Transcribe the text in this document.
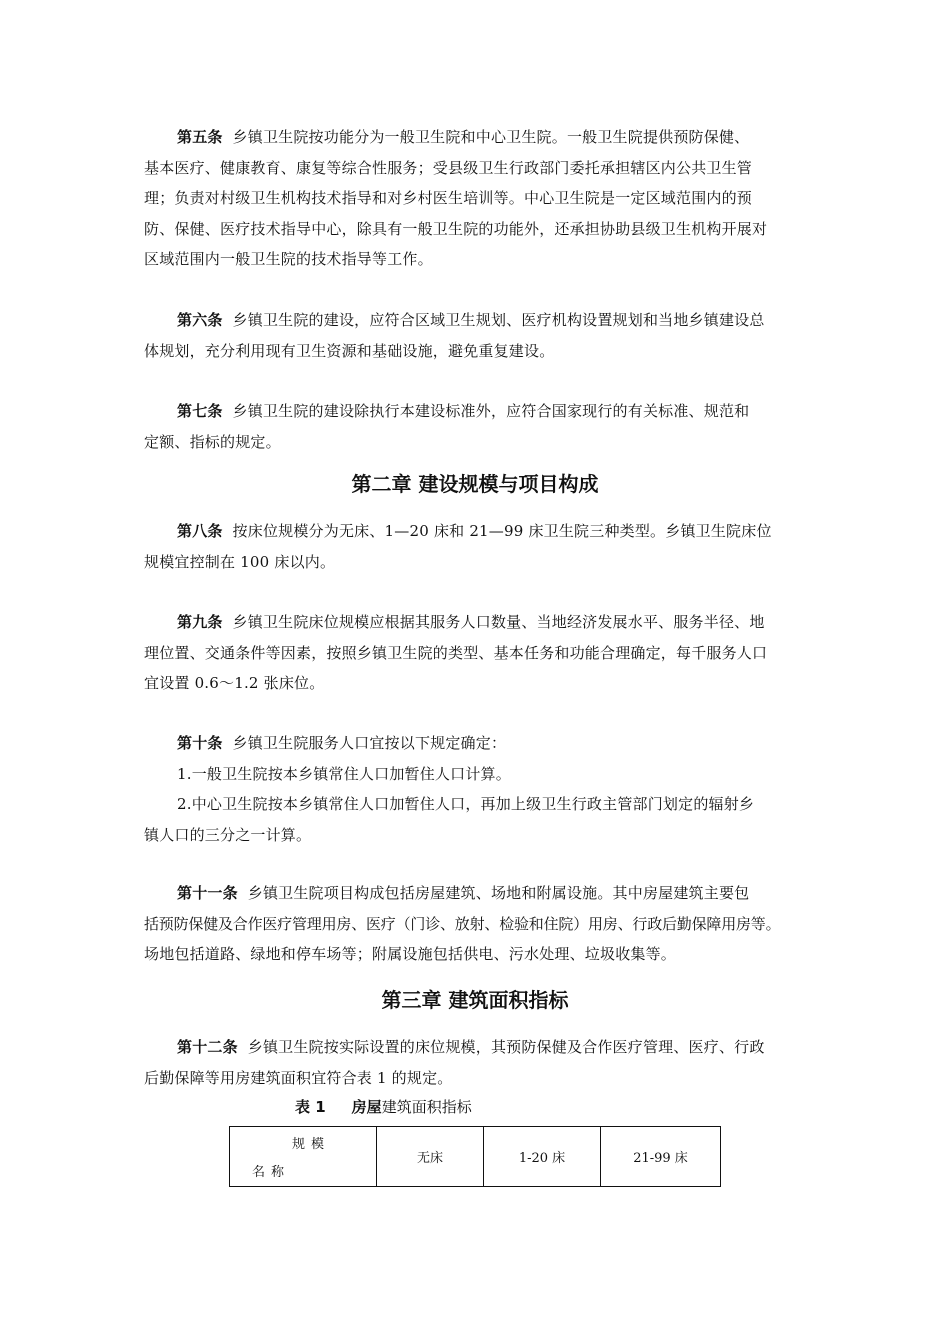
第五条 乡镇卫生院按功能分为一般卫生院和中心卫生院。一般卫生院提供预防保健、
基本医疗、健康教育、康复等综合性服务；受县级卫生行政部门委托承担辖区内公共卫生管
理；负责对村级卫生机构技术指导和对乡村医生培训等。中心卫生院是一定区域范围内的预
防、保健、医疗技术指导中心，除具有一般卫生院的功能外，还承担协助县级卫生机构开展对
区域范围内一般卫生院的技术指导等工作。
第六条 乡镇卫生院的建设，应符合区域卫生规划、医疗机构设置规划和当地乡镇建设总
体规划，充分利用现有卫生资源和基础设施，避免重复建设。
第七条 乡镇卫生院的建设除执行本建设标准外，应符合国家现行的有关标准、规范和
定额、指标的规定。
第二章 建设规模与项目构成
第八条 按床位规模分为无床、1—20 床和 21—99 床卫生院三种类型。乡镇卫生院床位
规模宜控制在 100 床以内。
第九条 乡镇卫生院床位规模应根据其服务人口数量、当地经济发展水平、服务半径、地
理位置、交通条件等因素，按照乡镇卫生院的类型、基本任务和功能合理确定，每千服务人口
宜设置 0.6～1.2 张床位。
第十条 乡镇卫生院服务人口宜按以下规定确定：
1.一般卫生院按本乡镇常住人口加暂住人口计算。
2.中心卫生院按本乡镇常住人口加暂住人口，再加上级卫生行政主管部门划定的辐射乡
镇人口的三分之一计算。
第十一条 乡镇卫生院项目构成包括房屋建筑、场地和附属设施。其中房屋建筑主要包
括预防保健及合作医疗管理用房、医疗（门诊、放射、检验和住院）用房、行政后勤保障用房等。
场地包括道路、绿地和停车场等；附属设施包括供电、污水处理、垃圾收集等。
第三章 建筑面积指标
第十二条 乡镇卫生院按实际设置的床位规模，其预防保健及合作医疗管理、医疗、行政
后勤保障等用房建筑面积宜符合表 1 的规定。
表 1 房屋建筑面积指标
规模
名称
	无床	1-20 床	21-99 床
